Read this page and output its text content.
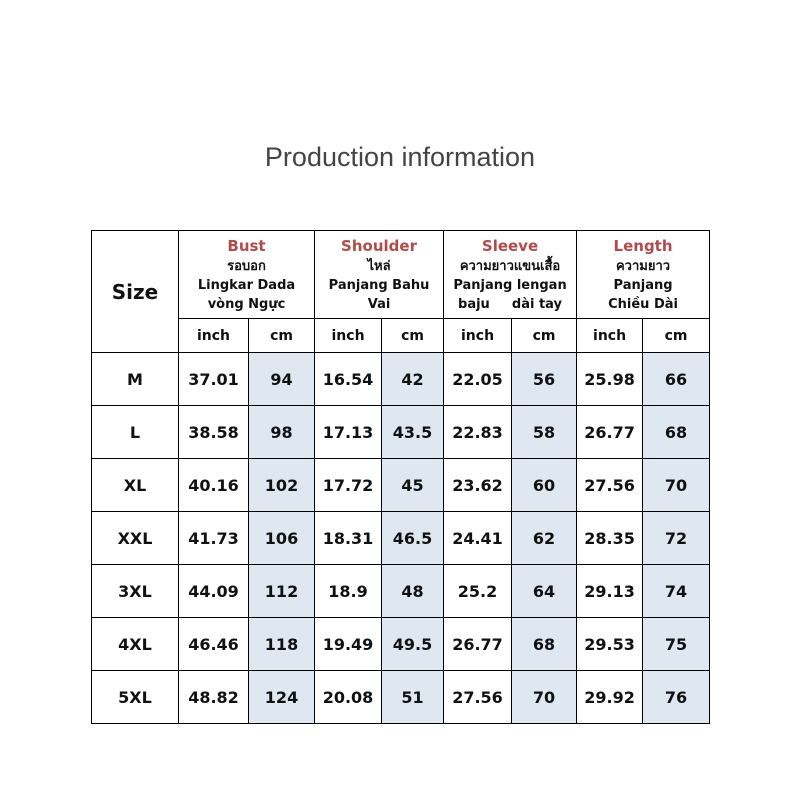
Production information
Size	Bust
รอบอก
Lingkar Dada
vòng Ngực		Shoulder
ไหล่
Panjang Bahu
Vai		Sleeve
ความยาวแขนเสื้อ
Panjang lengan
baju dài tay		Length
ความยาว
Panjang
Chiều Dài	

	inch	cm	inch	cm	inch	cm	inch	cm
M	37.01	94	16.54	42	22.05	56	25.98	66
L	38.58	98	17.13	43.5	22.83	58	26.77	68
XL	40.16	102	17.72	45	23.62	60	27.56	70
XXL	41.73	106	18.31	46.5	24.41	62	28.35	72
3XL	44.09	112	18.9	48	25.2	64	29.13	74
4XL	46.46	118	19.49	49.5	26.77	68	29.53	75
5XL	48.82	124	20.08	51	27.56	70	29.92	76
